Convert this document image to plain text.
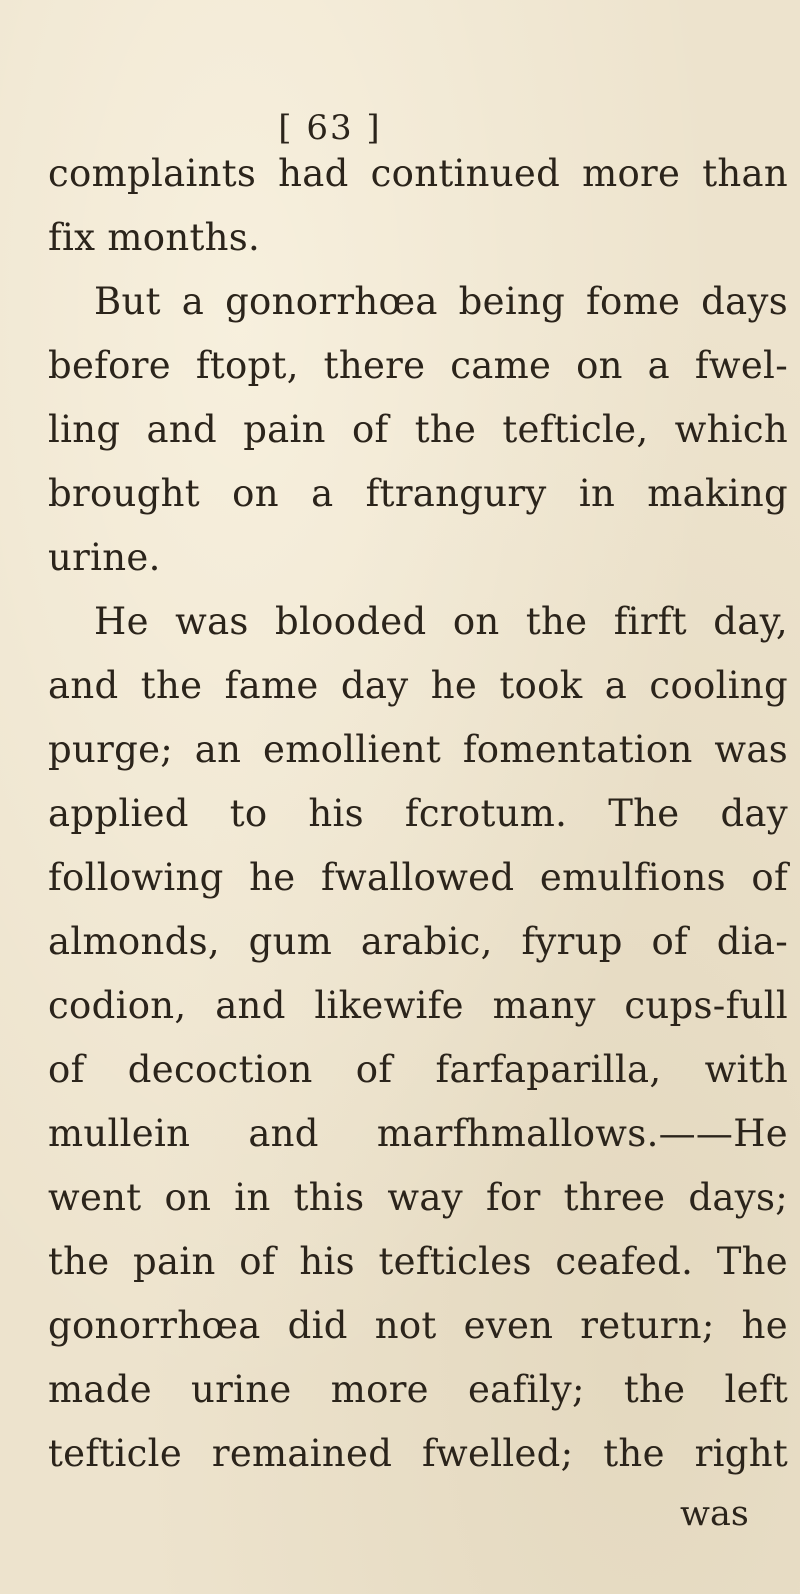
[ 63 ]
complaints had continued more than
fix months.
But a gonorrhœa being fome days
before ftopt, there came on a fwel-
ling and pain of the tefticle, which
brought on a ftrangury in making
urine.
He was blooded on the firft day,
and the fame day he took a cooling
purge; an emollient fomentation was
applied to his fcrotum. The day
following he fwallowed emulfions of
almonds, gum arabic, fyrup of dia-
codion, and likewife many cups-full
of decoction of farfaparilla, with
mullein and marfhmallows.——He
went on in this way for three days;
the pain of his tefticles ceafed. The
gonorrhœa did not even return; he
made urine more eafily; the left
tefticle remained fwelled; the right
was
